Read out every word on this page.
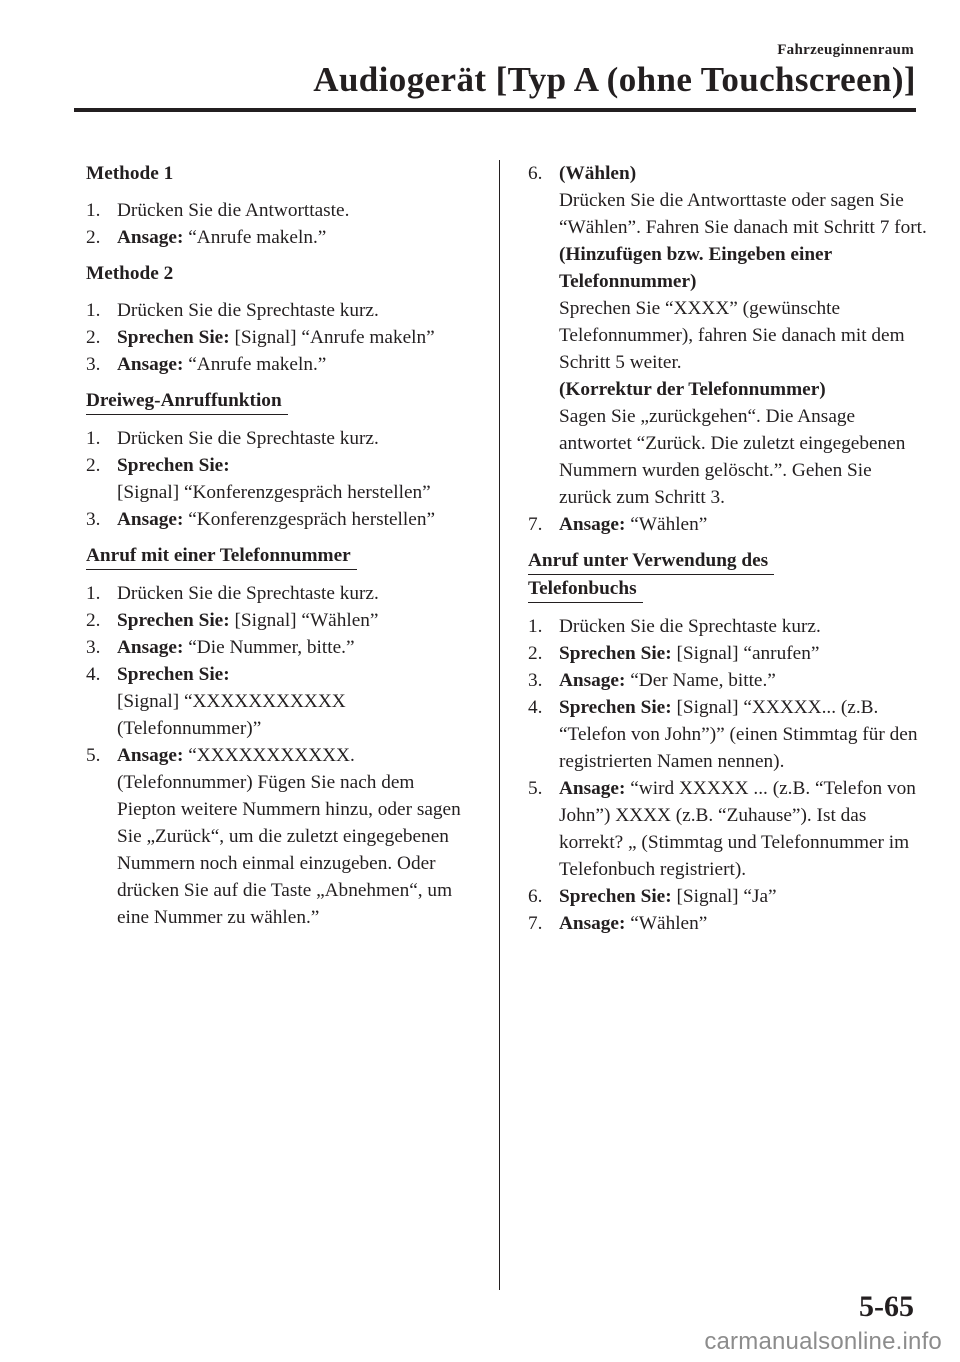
Fahrzeuginnenraum
Audiogerät [Typ A (ohne Touchscreen)]
Methode 1
1. Drücken Sie die Antworttaste.
2. Ansage: “Anrufe makeln.”
Methode 2
1. Drücken Sie die Sprechtaste kurz.
2. Sprechen Sie: [Signal] “Anrufe makeln”
3. Ansage: “Anrufe makeln.”
Dreiweg-Anruffunktion
1. Drücken Sie die Sprechtaste kurz.
2. Sprechen Sie:
[Signal] “Konferenzgespräch herstellen”
3. Ansage: “Konferenzgespräch herstellen”
Anruf mit einer Telefonnummer
1. Drücken Sie die Sprechtaste kurz.
2. Sprechen Sie: [Signal] “Wählen”
3. Ansage: “Die Nummer, bitte.”
4. Sprechen Sie:
[Signal] “XXXXXXXXXXX (Telefonnummer)”
5. Ansage: “XXXXXXXXXXX. (Telefonnummer) Fügen Sie nach dem Piepton weitere Nummern hinzu, oder sagen Sie „Zurück“, um die zuletzt eingegebenen Nummern noch einmal einzugeben. Oder drücken Sie auf die Taste „Abnehmen“, um eine Nummer zu wählen.”
6. (Wählen)
Drücken Sie die Antworttaste oder sagen Sie “Wählen”. Fahren Sie danach mit Schritt 7 fort.
(Hinzufügen bzw. Eingeben einer Telefonnummer)
Sprechen Sie “XXXX” (gewünschte Telefonnummer), fahren Sie danach mit dem Schritt 5 weiter.
(Korrektur der Telefonnummer)
Sagen Sie „zurückgehen“. Die Ansage antwortet “Zurück. Die zuletzt eingegebenen Nummern wurden gelöscht.”. Gehen Sie zurück zum Schritt 3.
7. Ansage: “Wählen”
Anruf unter Verwendung des
Telefonbuchs
1. Drücken Sie die Sprechtaste kurz.
2. Sprechen Sie: [Signal] “anrufen”
3. Ansage: “Der Name, bitte.”
4. Sprechen Sie: [Signal] “XXXXX... (z.B. “Telefon von John”)” (einen Stimmtag für den registrierten Namen nennen).
5. Ansage: “wird XXXXX ... (z.B. “Telefon von John”) XXXX (z.B. “Zuhause”). Ist das korrekt? „ (Stimmtag und Telefonnummer im Telefonbuch registriert).
6. Sprechen Sie: [Signal] “Ja”
7. Ansage: “Wählen”
5-65
carmanualsonline.info
